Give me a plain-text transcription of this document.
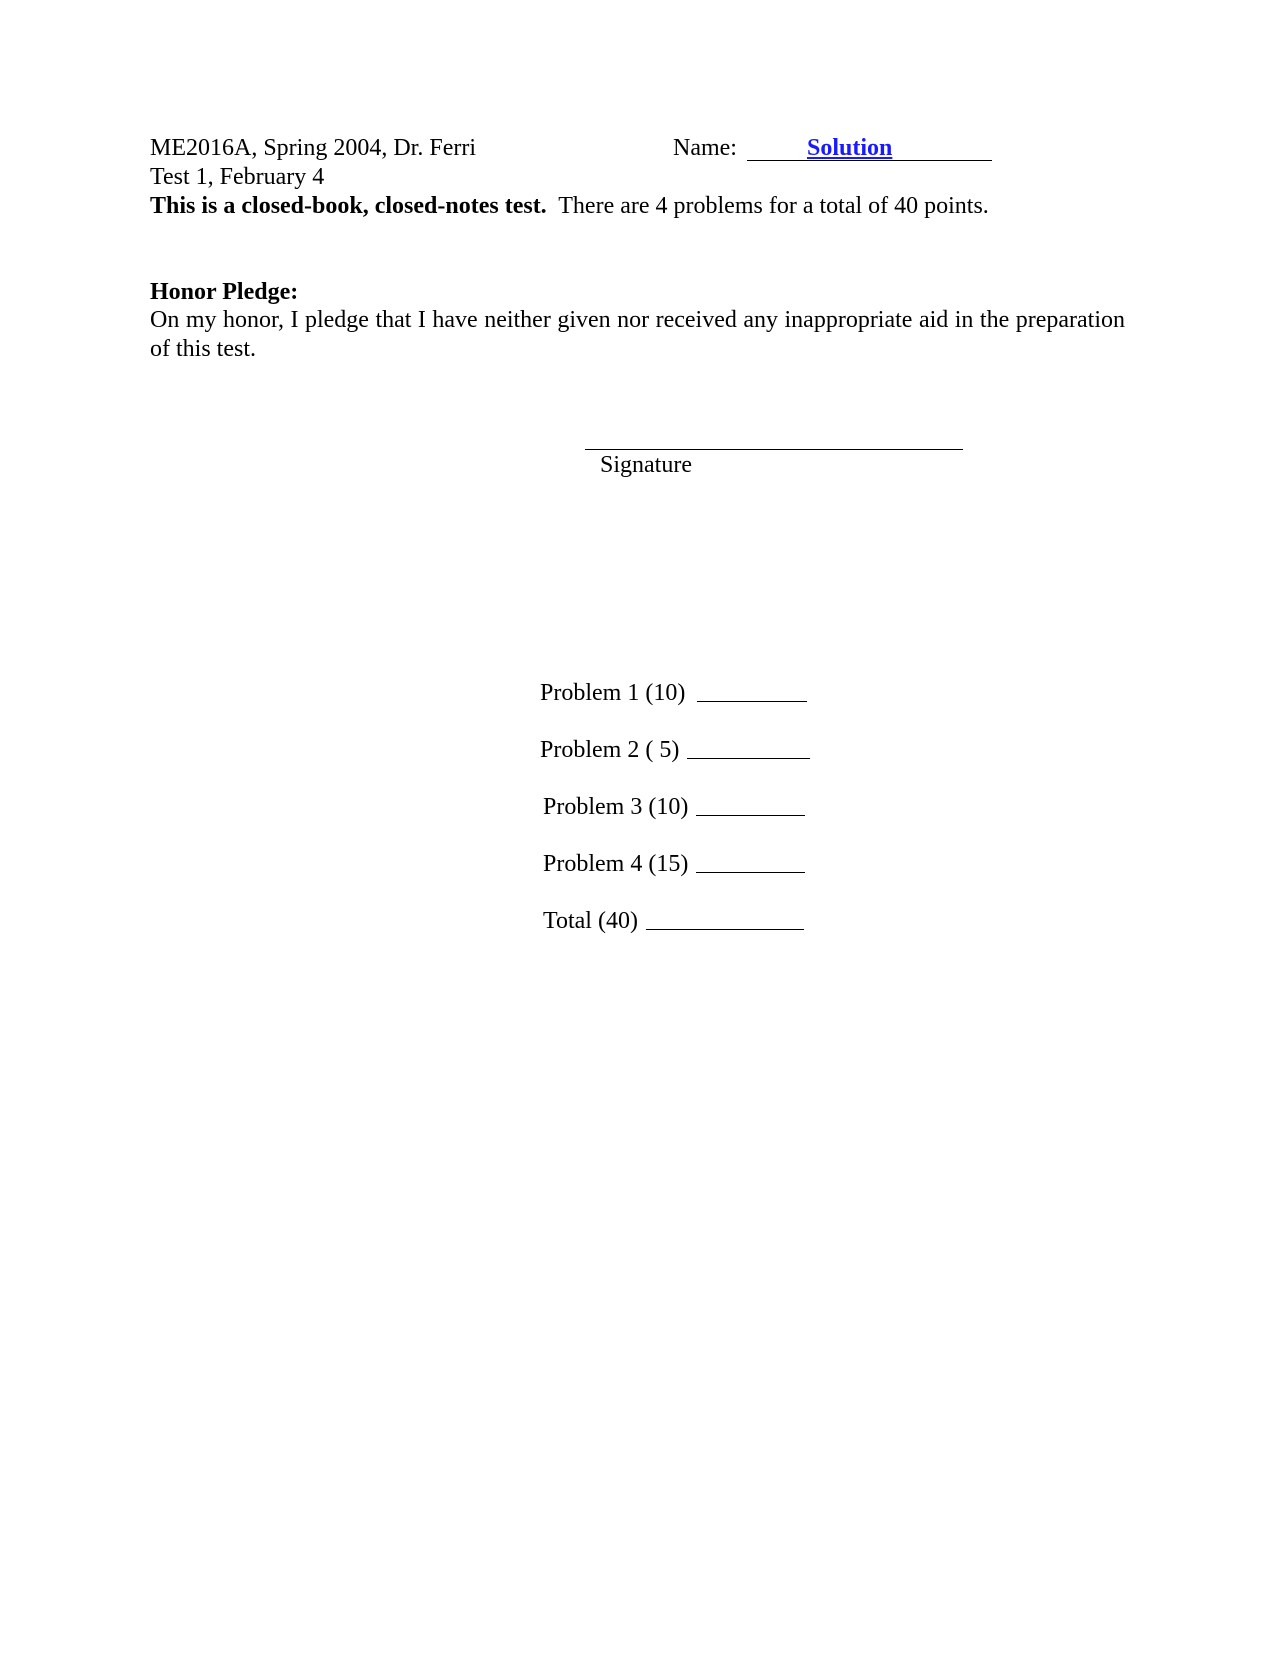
ME2016A, Spring 2004, Dr. Ferri	Name:	Solution
Test 1, February 4
This is a closed-book, closed-notes test. There are 4 problems for a total of 40 points.
Honor Pledge:
On my honor, I pledge that I have neither given nor received any inappropriate aid in the preparation of this test.
Signature
Problem 1 (10)
Problem 2 ( 5)
Problem 3 (10)
Problem 4 (15)
Total (40)
